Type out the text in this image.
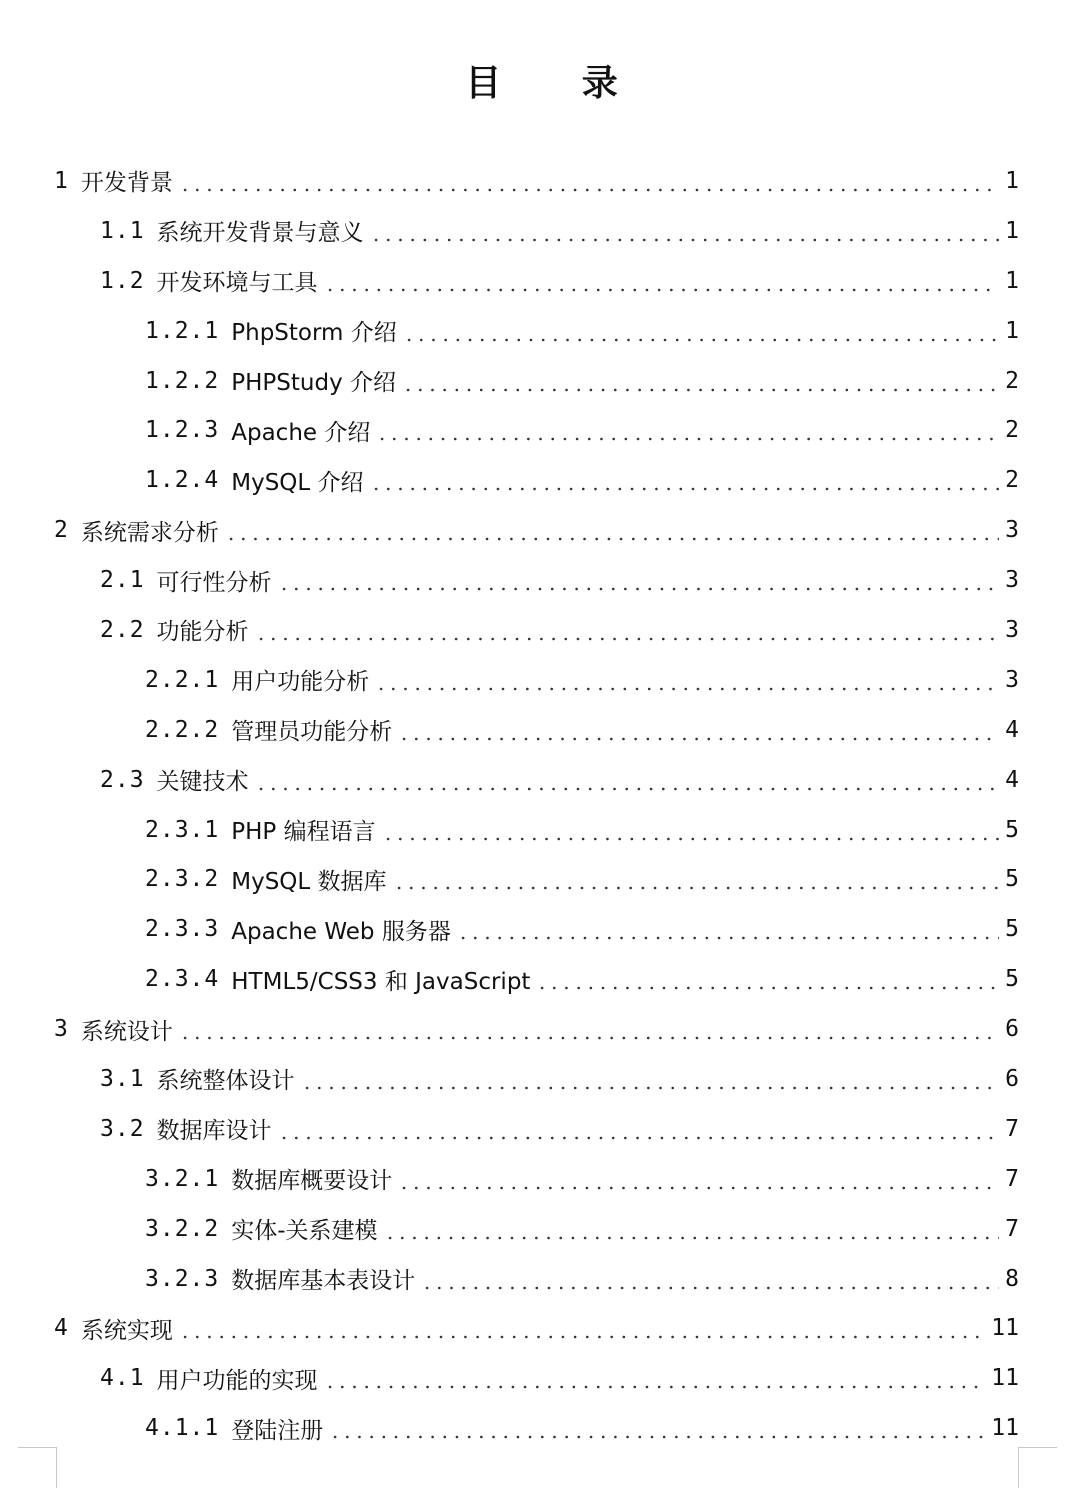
目 录
1 开发背景	1
1.1 系统开发背景与意义	1
1.2 开发环境与工具	1
1.2.1 PhpStorm 介绍	1
1.2.2 PHPStudy 介绍	2
1.2.3 Apache 介绍	2
1.2.4 MySQL 介绍	2
2 系统需求分析	3
2.1 可行性分析	3
2.2 功能分析	3
2.2.1 用户功能分析	3
2.2.2 管理员功能分析	4
2.3 关键技术	4
2.3.1 PHP 编程语言	5
2.3.2 MySQL 数据库	5
2.3.3 Apache Web 服务器	5
2.3.4 HTML5/CSS3 和 JavaScript	5
3 系统设计	6
3.1 系统整体设计	6
3.2 数据库设计	7
3.2.1 数据库概要设计	7
3.2.2 实体-关系建模	7
3.2.3 数据库基本表设计	8
4 系统实现	11
4.1 用户功能的实现	11
4.1.1 登陆注册	11
